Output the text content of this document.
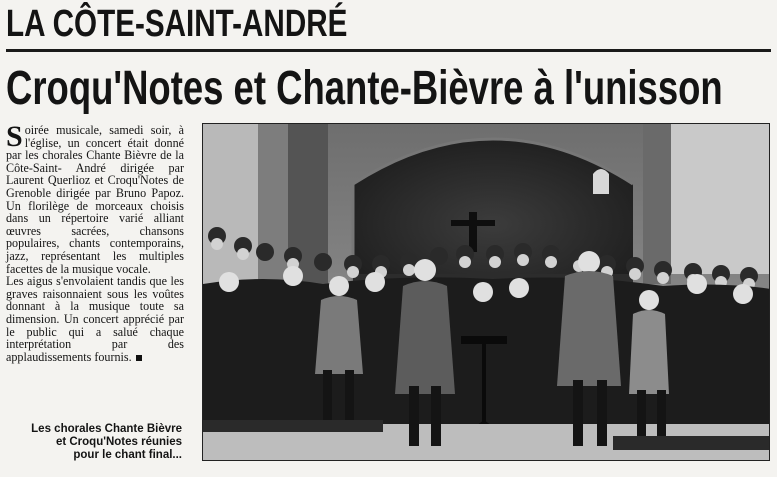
LA CÔTE-SAINT-ANDRÉ
Croqu'Notes et Chante-Bièvre à l'unisson
Soirée musicale, samedi soir, à l'église, un concert était donné par les chorales Chante Bièvre de la Côte-Saint- André dirigée par Laurent Querlioz et Croqu'Notes de Grenoble dirigée par Bruno Papoz. Un florilège de morceaux choisis dans un répertoire varié alliant œuvres sacrées, chansons populaires, chants contemporains, jazz, représentant les multiples facettes de la musique vocale.
Les aigus s'envolaient tandis que les graves raisonnaient sous les voûtes donnant à la musique toute sa dimension. Un concert apprécié par le public qui a salué chaque interprétation par des applaudissements fournis.
Les chorales Chante Bièvre
et Croqu'Notes réunies
pour le chant final...
